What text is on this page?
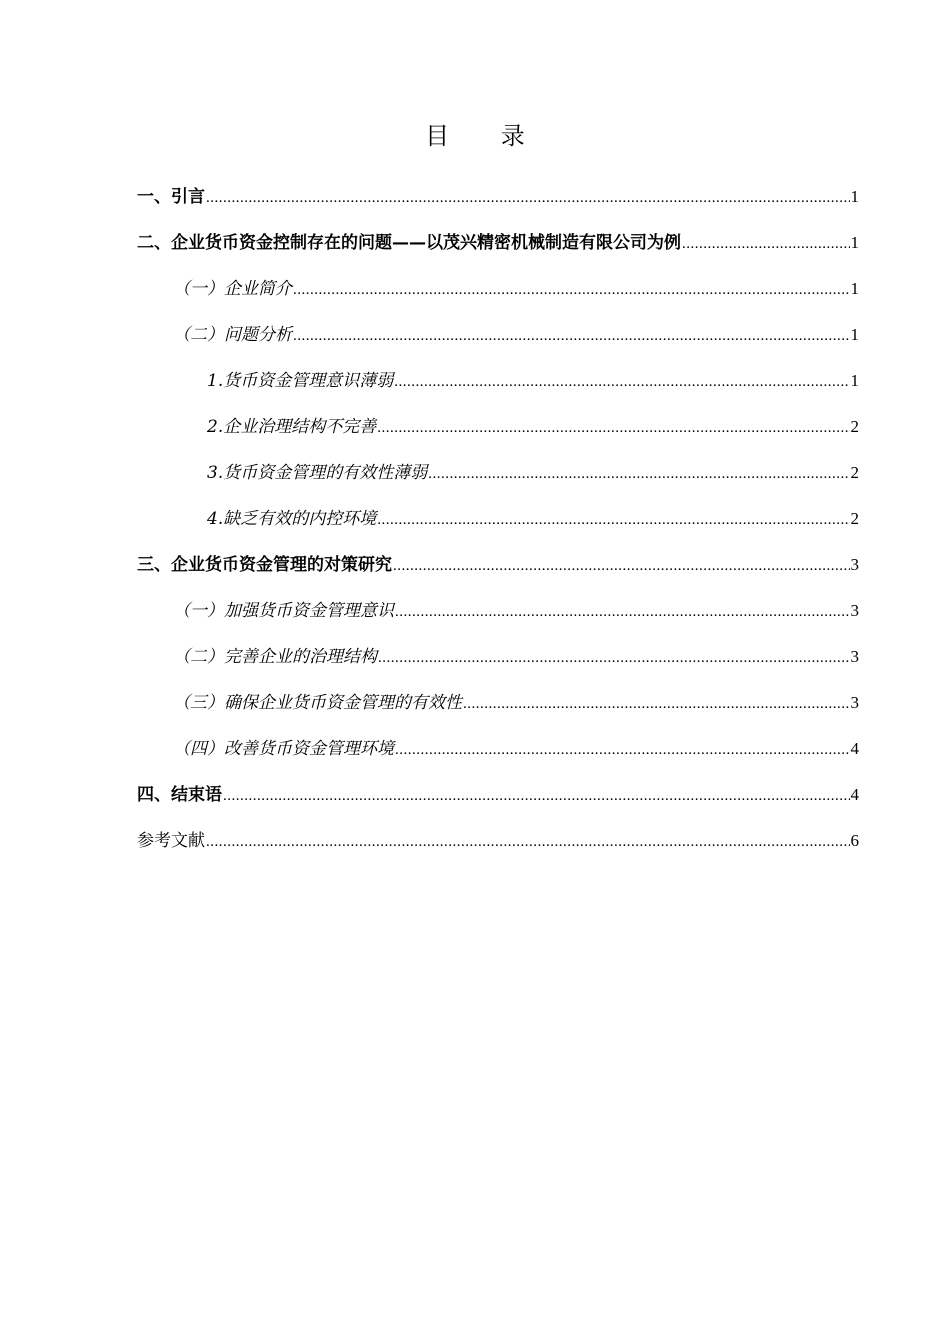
目 录
一、引言 .....	1
二、企业货币资金控制存在的问题——以茂兴精密机械制造有限公司为例 .....	1
（一）企业简介 .....	1
（二）问题分析 .....	1
1.货币资金管理意识薄弱 .....	1
2.企业治理结构不完善 .....	2
3.货币资金管理的有效性薄弱 .....	2
4.缺乏有效的内控环境 .....	2
三、企业货币资金管理的对策研究 .....	3
（一）加强货币资金管理意识 .....	3
（二）完善企业的治理结构 .....	3
（三）确保企业货币资金管理的有效性 .....	3
（四）改善货币资金管理环境 .....	4
四、结束语 .....	4
参考文献 .....	6
